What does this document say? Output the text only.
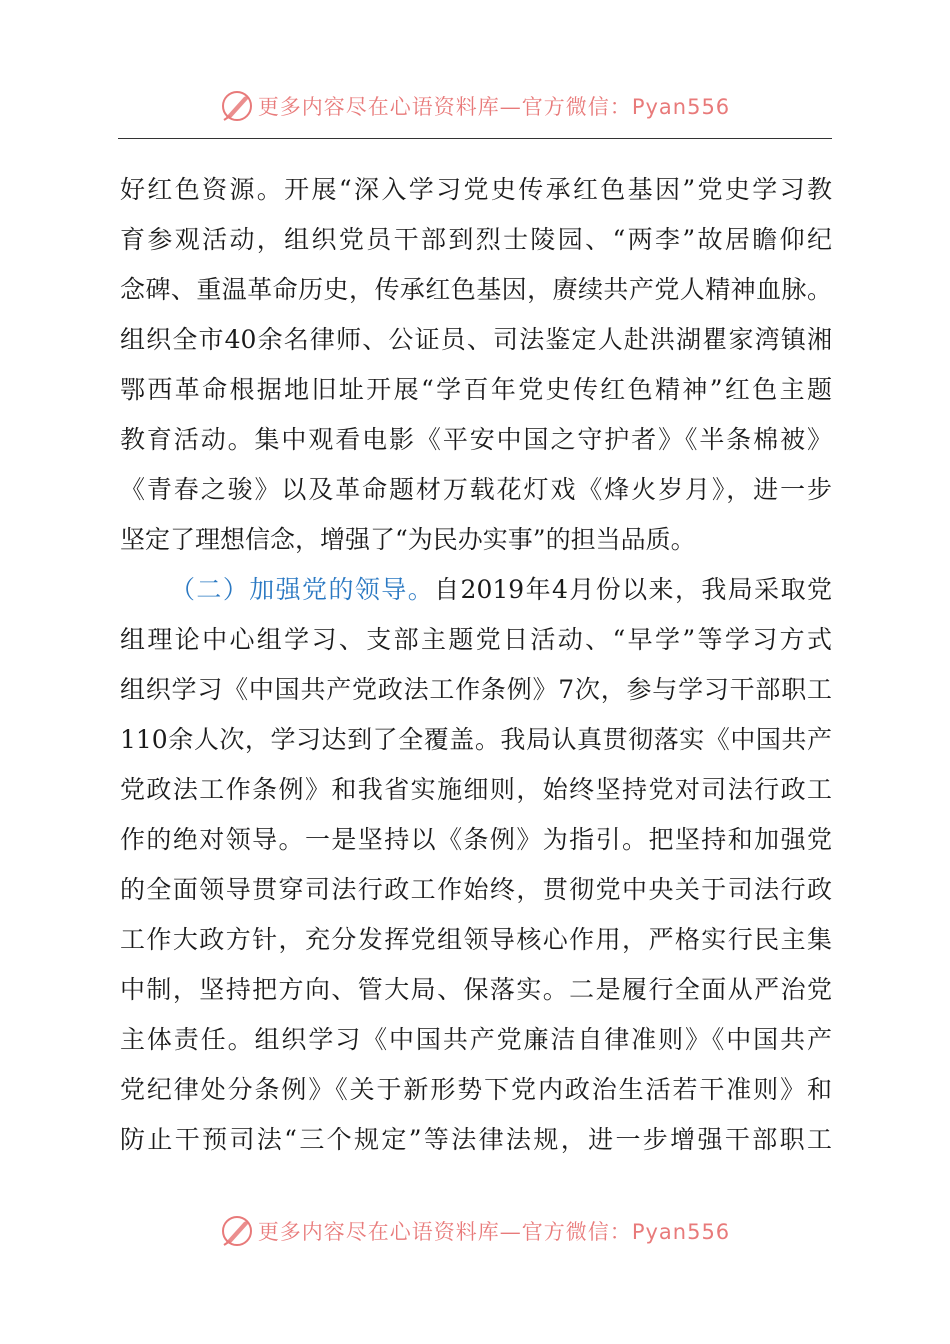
更多内容尽在心语资料库—官方微信：Pyan556
好红色资源。开展“深入学习党史传承红色基因”党史学习教
育参观活动，组织党员干部到烈士陵园、“两李”故居瞻仰纪
念碑、重温革命历史，传承红色基因，赓续共产党人精神血脉。
组织全市40余名律师、公证员、司法鉴定人赴洪湖瞿家湾镇湘
鄂西革命根据地旧址开展“学百年党史传红色精神”红色主题
教育活动。集中观看电影《平安中国之守护者》《半条棉被》
《青春之骏》以及革命题材万载花灯戏《烽火岁月》，进一步
坚定了理想信念，增强了“为民办实事”的担当品质。
（二）加强党的领导。自2019年4月份以来，我局采取党
组理论中心组学习、支部主题党日活动、“早学”等学习方式
组织学习《中国共产党政法工作条例》7次，参与学习干部职工
110余人次，学习达到了全覆盖。我局认真贯彻落实《中国共产
党政法工作条例》和我省实施细则，始终坚持党对司法行政工
作的绝对领导。一是坚持以《条例》为指引。把坚持和加强党
的全面领导贯穿司法行政工作始终，贯彻党中央关于司法行政
工作大政方针，充分发挥党组领导核心作用，严格实行民主集
中制，坚持把方向、管大局、保落实。二是履行全面从严治党
主体责任。组织学习《中国共产党廉洁自律准则》《中国共产
党纪律处分条例》《关于新形势下党内政治生活若干准则》和
防止干预司法“三个规定”等法律法规，进一步增强干部职工
更多内容尽在心语资料库—官方微信：Pyan556
